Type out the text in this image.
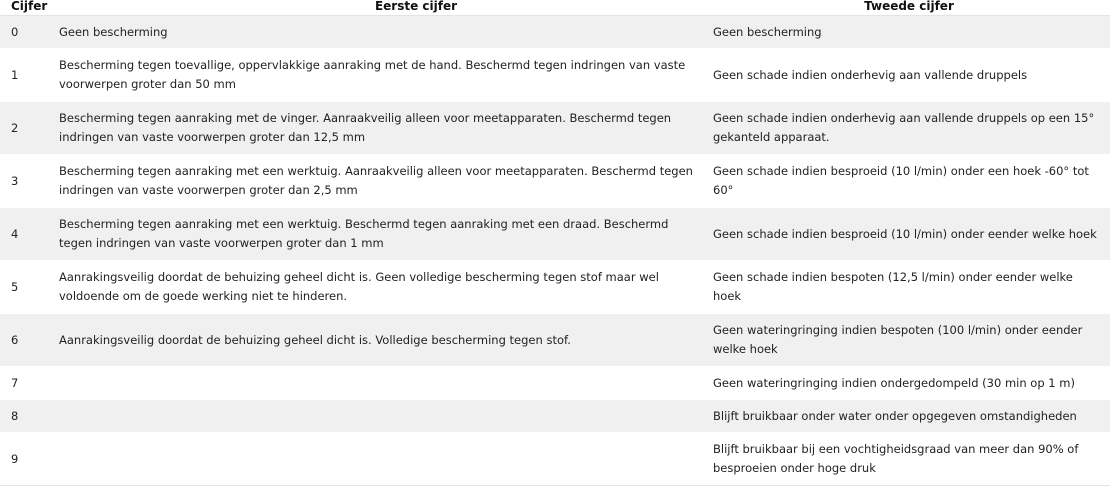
Cijfer	Eerste cijfer	Tweede cijfer
0	Geen bescherming	Geen bescherming
1	Bescherming tegen toevallige, oppervlakkige aanraking met de hand. Beschermd tegen indringen van vaste voorwerpen groter dan 50 mm	Geen schade indien onderhevig aan vallende druppels
2	Bescherming tegen aanraking met de vinger. Aanraakveilig alleen voor meetapparaten. Beschermd tegen indringen van vaste voorwerpen groter dan 12,5 mm	Geen schade indien onderhevig aan vallende druppels op een 15° gekanteld apparaat.
3	Bescherming tegen aanraking met een werktuig. Aanraakveilig alleen voor meetapparaten. Beschermd tegen indringen van vaste voorwerpen groter dan 2,5 mm	Geen schade indien besproeid (10 l/min) onder een hoek -60° tot 60°
4	Bescherming tegen aanraking met een werktuig. Beschermd tegen aanraking met een draad. Beschermd tegen indringen van vaste voorwerpen groter dan 1 mm	Geen schade indien besproeid (10 l/min) onder eender welke hoek
5	Aanrakingsveilig doordat de behuizing geheel dicht is. Geen volledige bescherming tegen stof maar wel voldoende om de goede werking niet te hinderen.	Geen schade indien bespoten (12,5 l/min) onder eender welke hoek
6	Aanrakingsveilig doordat de behuizing geheel dicht is. Volledige bescherming tegen stof.	Geen wateringringing indien bespoten (100 l/min) onder eender welke hoek
7		Geen wateringringing indien ondergedompeld (30 min op 1 m)
8		Blijft bruikbaar onder water onder opgegeven omstandigheden
9		Blijft bruikbaar bij een vochtigheidsgraad van meer dan 90% of besproeien onder hoge druk
